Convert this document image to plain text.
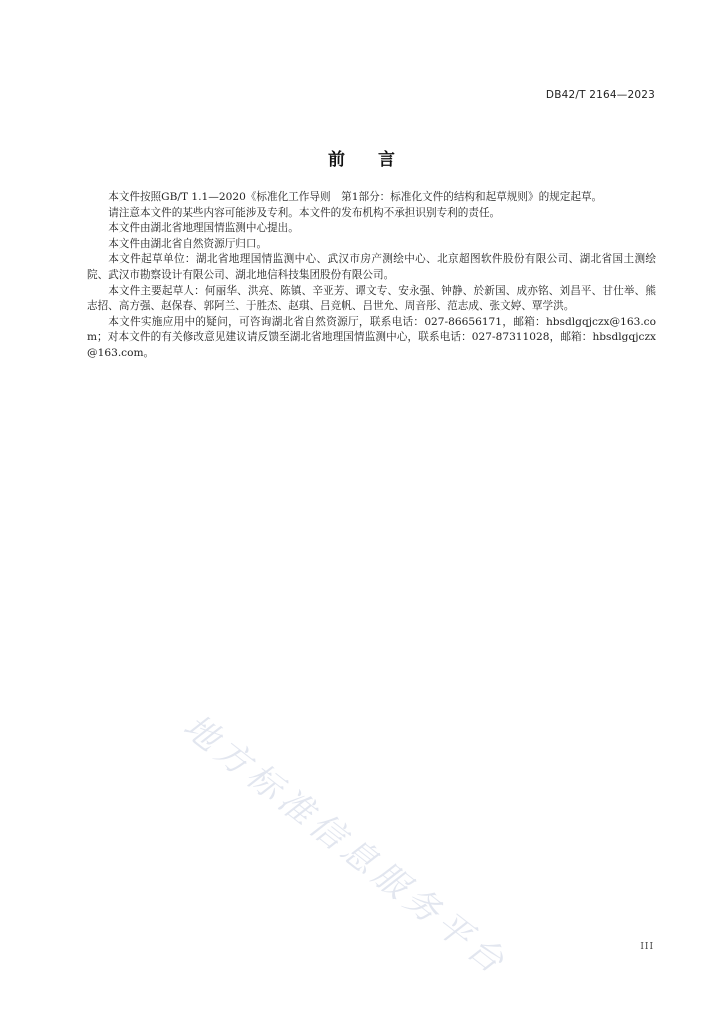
DB42/T 2164—2023
前 言

本文件按照GB/T 1.1—2020《标准化工作导则　第1部分：标准化文件的结构和起草规则》的规定起草。

请注意本文件的某些内容可能涉及专利。本文件的发布机构不承担识别专利的责任。

本文件由湖北省地理国情监测中心提出。

本文件由湖北省自然资源厅归口。

本文件起草单位：湖北省地理国情监测中心、武汉市房产测绘中心、北京超图软件股份有限公司、湖北省国土测绘院、武汉市勘察设计有限公司、湖北地信科技集团股份有限公司。

本文件主要起草人：何丽华、洪亮、陈镇、辛亚芳、谭文专、安永强、钟静、於新国、成亦铭、刘昌平、甘仕举、熊志招、高方强、赵保春、郭阿兰、于胜杰、赵琪、吕竞帆、吕世允、周音彤、范志成、张文婷、覃学洪。

本文件实施应用中的疑问，可咨询湖北省自然资源厅，联系电话：027-86656171，邮箱：hbsdlgqjczx@163.com；对本文件的有关修改意见建议请反馈至湖北省地理国情监测中心，联系电话：027-87311028，邮箱：hbsdlgqjczx@163.com。

地方标准信息服务平台	III
